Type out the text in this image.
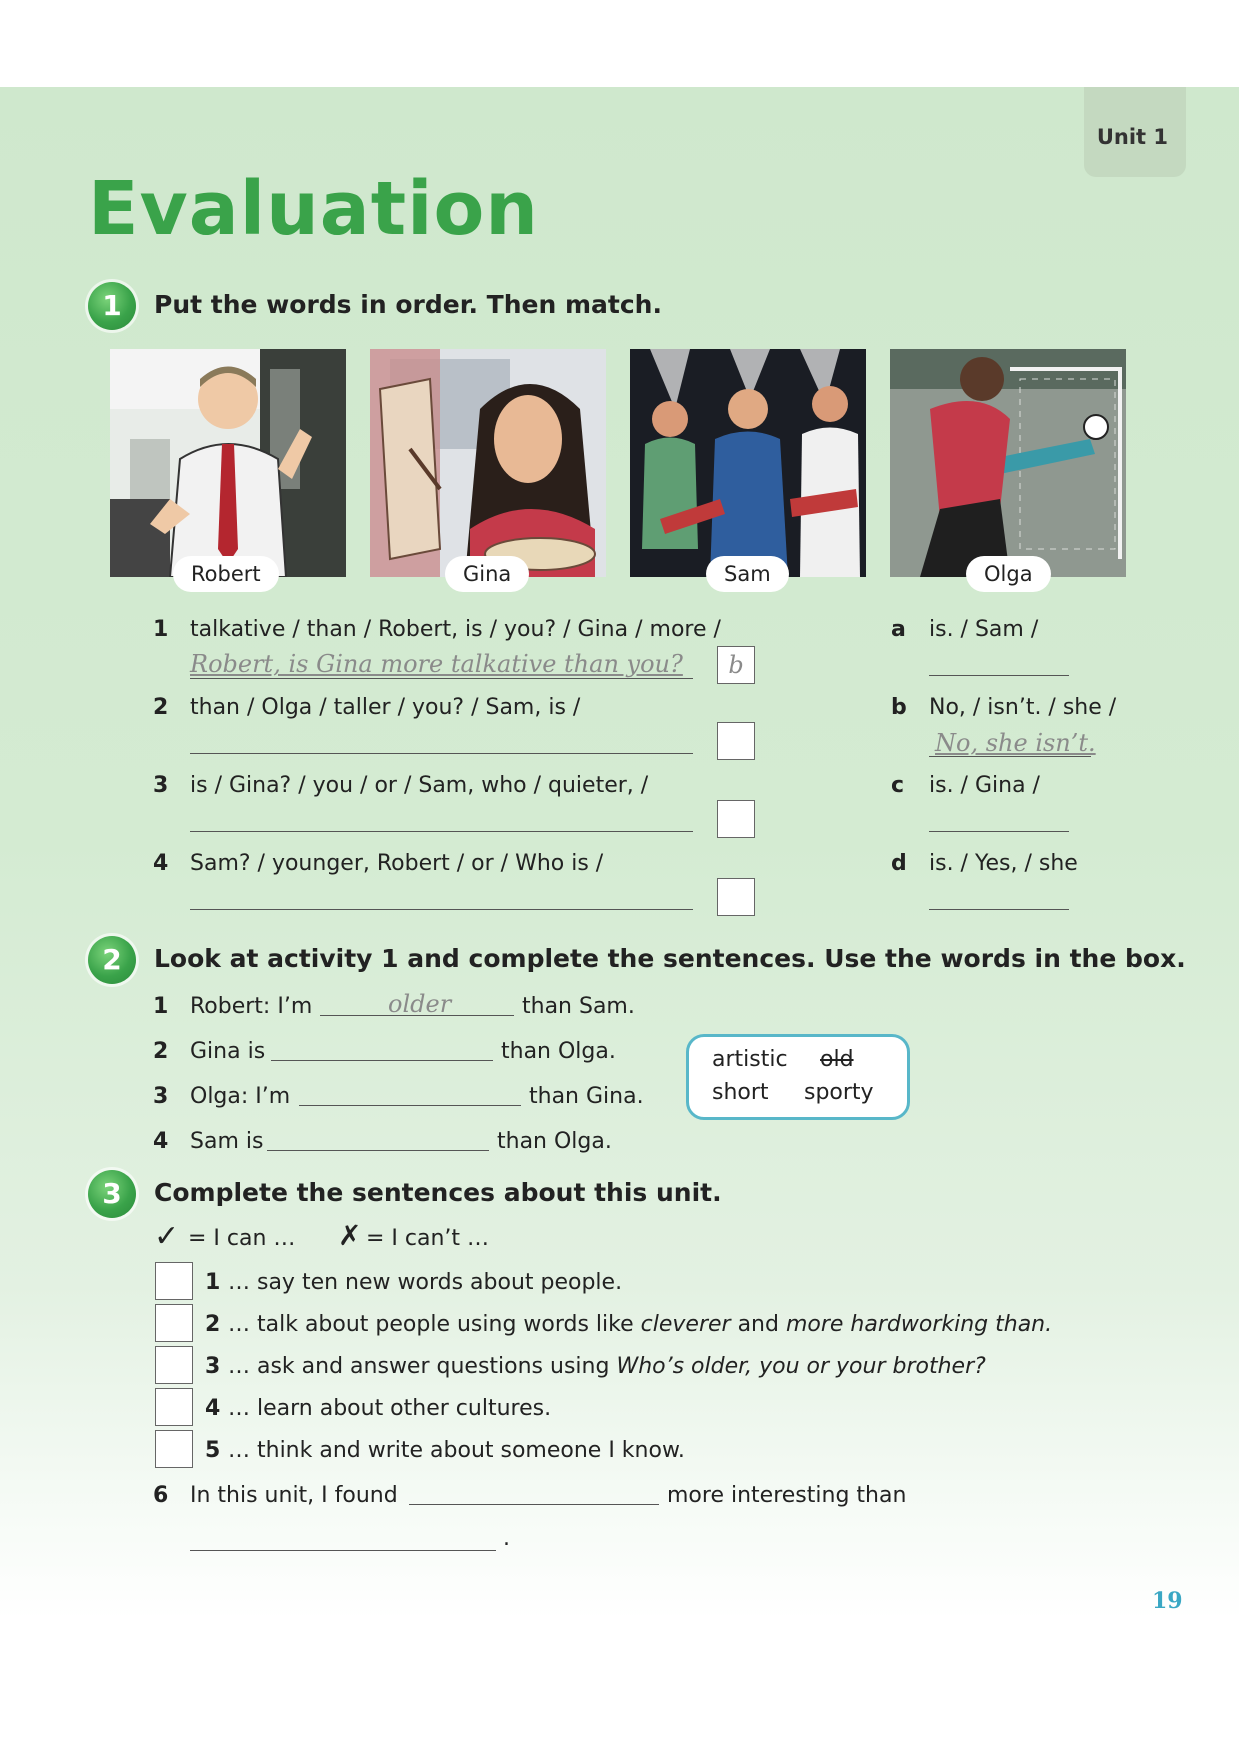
Unit 1
Evaluation
1	Put the words in order. Then match.
Robert	Gina	Sam	Olga
1 talkative / than / Robert, is / you? / Gina / more /
Robert, is Gina more talkative than you?	b
2 than / Olga / taller / you? / Sam, is /
3 is / Gina? / you / or / Sam, who / quieter, /
4 Sam? / younger, Robert / or / Who is /
a is. / Sam /
b No, / isn’t. / she /
No, she isn’t.
c is. / Gina /
d is. / Yes, / she
2	Look at activity 1 and complete the sentences. Use the words in the box.
1 Robert: I’m	older	than Sam.
2 Gina is	than Olga.
3 Olga: I’m	than Gina.
4 Sam is	than Olga.
artistic old
short sporty
3	Complete the sentences about this unit.
✓ = I can … ✗ = I can’t …
1 … say ten new words about people.
2 … talk about people using words like cleverer and more hardworking than.
3 … ask and answer questions using Who’s older, you or your brother?
4 … learn about other cultures.
5 … think and write about someone I know.
6 In this unit, I found	more interesting than
.
19
